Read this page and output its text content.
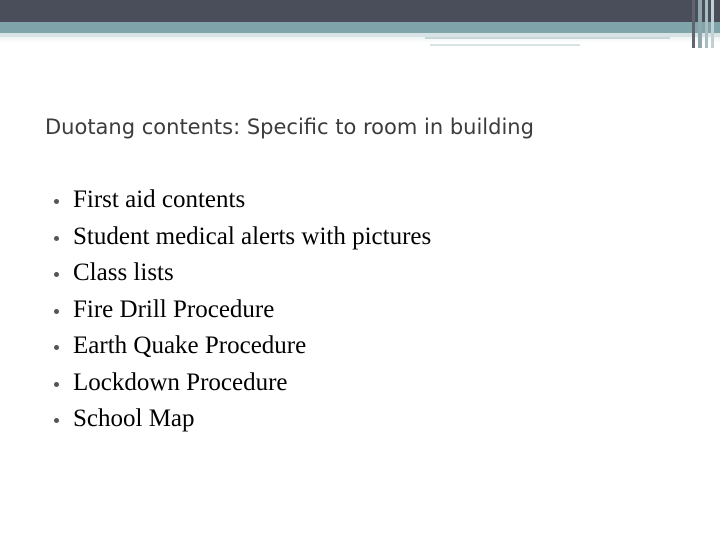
Duotang contents: Specific to room in building
First aid contents
Student medical alerts with pictures
Class lists
Fire Drill Procedure
Earth Quake Procedure
Lockdown Procedure
School Map
